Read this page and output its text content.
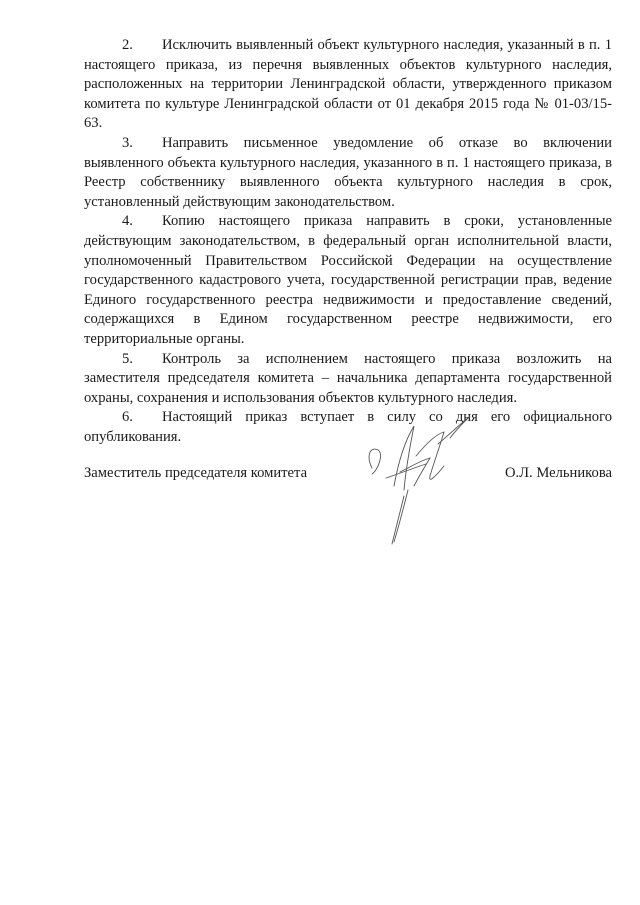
2. Исключить выявленный объект культурного наследия, указанный в п. 1 настоящего приказа, из перечня выявленных объектов культурного наследия, расположенных на территории Ленинградской области, утвержденного приказом комитета по культуре Ленинградской области от 01 декабря 2015 года № 01-03/15-63.

3. Направить письменное уведомление об отказе во включении выявленного объекта культурного наследия, указанного в п. 1 настоящего приказа, в Реестр собственнику выявленного объекта культурного наследия в срок, установленный действующим законодательством.

4. Копию настоящего приказа направить в сроки, установленные действующим законодательством, в федеральный орган исполнительной власти, уполномоченный Правительством Российской Федерации на осуществление государственного кадастрового учета, государственной регистрации прав, ведение Единого государственного реестра недвижимости и предоставление сведений, содержащихся в Едином государственном реестре недвижимости, его территориальные органы.

5. Контроль за исполнением настоящего приказа возложить на заместителя председателя комитета – начальника департамента государственной охраны, сохранения и использования объектов культурного наследия.

6. Настоящий приказ вступает в силу со дня его официального опубликования.

Заместитель председателя комитета	О.Л. Мельникова
